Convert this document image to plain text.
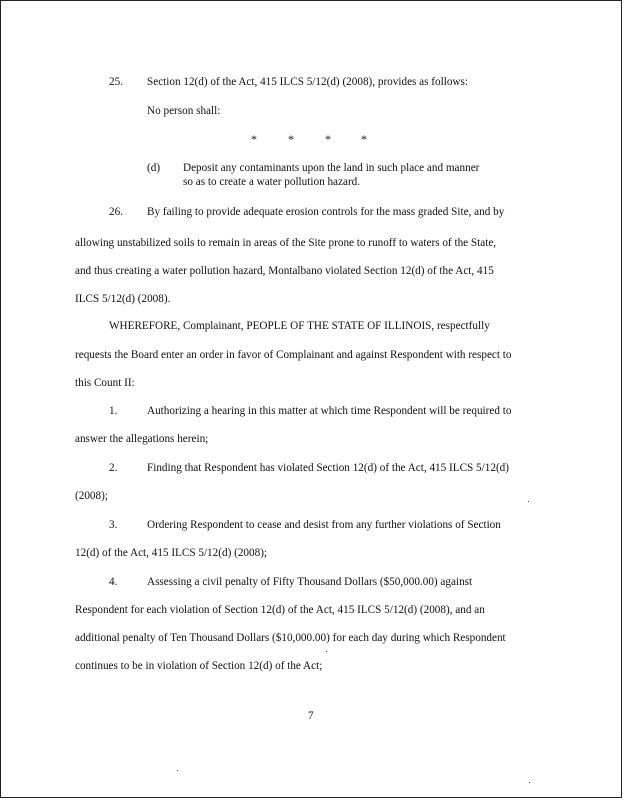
25. Section 12(d) of the Act, 415 ILCS 5/12(d) (2008), provides as follows:
No person shall:
*	*	*	*
(d) Deposit any contaminants upon the land in such place and manner
so as to create a water pollution hazard.
26. By failing to provide adequate erosion controls for the mass graded Site, and by
allowing unstabilized soils to remain in areas of the Site prone to runoff to waters of the State,
and thus creating a water pollution hazard, Montalbano violated Section 12(d) of the Act, 415
ILCS 5/12(d) (2008).
WHEREFORE, Complainant, PEOPLE OF THE STATE OF ILLINOIS, respectfully
requests the Board enter an order in favor of Complainant and against Respondent with respect to
this Count II:
1.	Authorizing a hearing in this matter at which time Respondent will be required to
answer the allegations herein;
2.	Finding that Respondent has violated Section 12(d) of the Act, 415 ILCS 5/12(d)
(2008);
3.	Ordering Respondent to cease and desist from any further violations of Section
12(d) of the Act, 415 ILCS 5/12(d) (2008);
4.	Assessing a civil penalty of Fifty Thousand Dollars ($50,000.00) against
Respondent for each violation of Section 12(d) of the Act, 415 ILCS 5/12(d) (2008), and an
additional penalty of Ten Thousand Dollars ($10,000.00) for each day during which Respondent
continues to be in violation of Section 12(d) of the Act;
7
